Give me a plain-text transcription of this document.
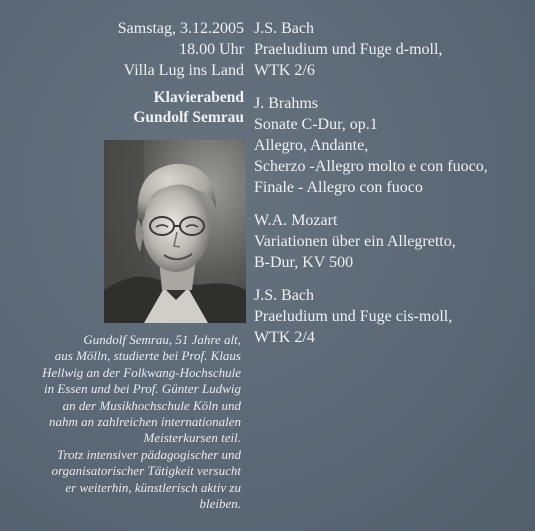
Samstag, 3.12.2005
18.00 Uhr
Villa Lug ins Land
Klavierabend
Gundolf Semrau

Gundolf Semrau, 51 Jahre alt,

aus Mölln, studierte bei Prof. Klaus

Hellwig an der Folkwang-Hochschule

in Essen und bei Prof. Günter Ludwig

an der Musikhochschule Köln und

nahm an zahlreichen internationalen

Meisterkursen teil.

Trotz intensiver pädagogischer und

organisatorischer Tätigkeit versucht

er weiterhin, künstlerisch aktiv zu

bleiben.

J.S. Bach
Praeludium und Fuge d-moll,
WTK 2/6
J. Brahms
Sonate C-Dur, op.1
Allegro, Andante,
Scherzo -Allegro molto e con fuoco,
Finale - Allegro con fuoco
W.A. Mozart
Variationen über ein Allegretto,
B-Dur, KV 500
J.S. Bach
Praeludium und Fuge cis-moll,
WTK 2/4
